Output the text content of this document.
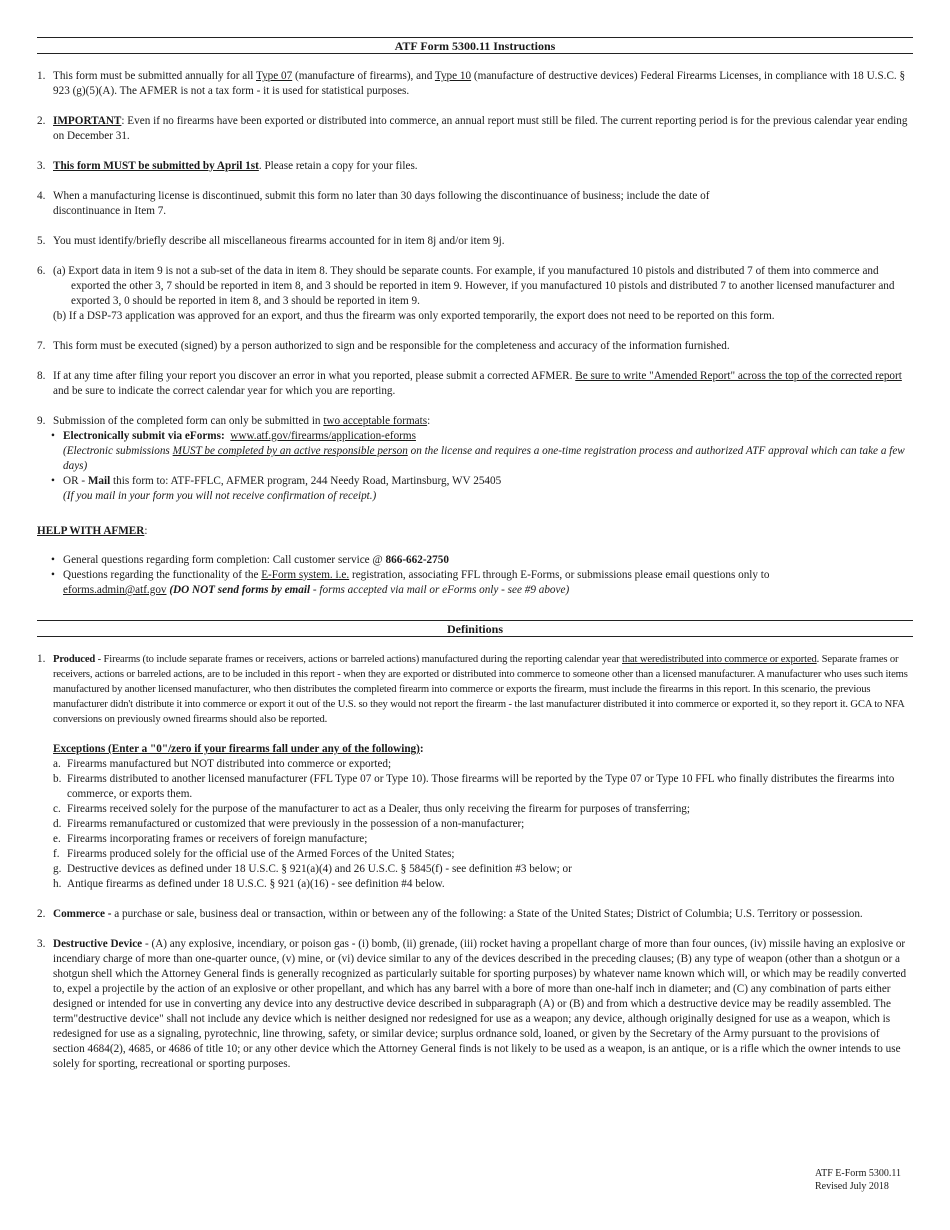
ATF Form 5300.11 Instructions
1. This form must be submitted annually for all Type 07 (manufacture of firearms), and Type 10 (manufacture of destructive devices) Federal Firearms Licenses, in compliance with 18 U.S.C. § 923 (g)(5)(A). The AFMER is not a tax form - it is used for statistical purposes.
2. IMPORTANT: Even if no firearms have been exported or distributed into commerce, an annual report must still be filed. The current reporting period is for the previous calendar year ending on December 31.
3. This form MUST be submitted by April 1st. Please retain a copy for your files.
4. When a manufacturing license is discontinued, submit this form no later than 30 days following the discontinuance of business; include the date of
discontinuance in Item 7.
5. You must identify/briefly describe all miscellaneous firearms accounted for in item 8j and/or item 9j.
6. (a) Export data in item 9 is not a sub-set of the data in item 8. They should be separate counts. For example, if you manufactured 10 pistols and distributed 7 of them into commerce and exported the other 3, 7 should be reported in item 8, and 3 should be reported in item 9. However, if you manufactured 10 pistols and distributed 7 to another licensed manufacturer and exported 3, 0 should be reported in item 8, and 3 should be reported in item 9.
(b) If a DSP-73 application was approved for an export, and thus the firearm was only exported temporarily, the export does not need to be reported on this form.
7. This form must be executed (signed) by a person authorized to sign and be responsible for the completeness and accuracy of the information furnished.
8. If at any time after filing your report you discover an error in what you reported, please submit a corrected AFMER. Be sure to write "Amended Report" across the top of the corrected report and be sure to indicate the correct calendar year for which you are reporting.
9. Submission of the completed form can only be submitted in two acceptable formats:
• Electronically submit via eForms: www.atf.gov/firearms/application-eforms
(Electronic submissions MUST be completed by an active responsible person on the license and requires a one-time registration process and authorized ATF approval which can take a few days)
• OR - Mail this form to: ATF-FFLC, AFMER program, 244 Needy Road, Martinsburg, WV 25405
(If you mail in your form you will not receive confirmation of receipt.)
HELP WITH AFMER:
• General questions regarding form completion: Call customer service @ 866-662-2750
• Questions regarding the functionality of the E-Form system. i.e. registration, associating FFL through E-Forms, or submissions please email questions only to
eforms.admin@atf.gov (DO NOT send forms by email - forms accepted via mail or eForms only - see #9 above)
Definitions
1. Produced - Firearms (to include separate frames or receivers, actions or barreled actions) manufactured during the reporting calendar year that weredistributed into commerce or exported. Separate frames or receivers, actions or barreled actions, are to be included in this report - when they are exported or distributed into commerce to someone other than a licensed manufacturer. A manufacturer who uses such items manufactured by another licensed manufacturer, who then distributes the completed firearm into commerce or exports the firearm, must include the firearms in this report. In this scenario, the previous manufacturer didn't distribute it into commerce or export it out of the U.S. so they would not report the firearm - the last manufacturer distributed it into commerce or exported it, so they report it. GCA to NFA conversions on previously owned firearms should also be reported.
Exceptions (Enter a "0"/zero if your firearms fall under any of the following):
a. Firearms manufactured but NOT distributed into commerce or exported;
b. Firearms distributed to another licensed manufacturer (FFL Type 07 or Type 10). Those firearms will be reported by the Type 07 or Type 10 FFL who finally distributes the firearms into commerce, or exports them.
c. Firearms received solely for the purpose of the manufacturer to act as a Dealer, thus only receiving the firearm for purposes of transferring;
d. Firearms remanufactured or customized that were previously in the possession of a non-manufacturer;
e. Firearms incorporating frames or receivers of foreign manufacture;
f. Firearms produced solely for the official use of the Armed Forces of the United States;
g. Destructive devices as defined under 18 U.S.C. § 921(a)(4) and 26 U.S.C. § 5845(f) - see definition #3 below; or
h. Antique firearms as defined under 18 U.S.C. § 921 (a)(16) - see definition #4 below.
2. Commerce - a purchase or sale, business deal or transaction, within or between any of the following: a State of the United States; District of Columbia; U.S. Territory or possession.
3. Destructive Device - (A) any explosive, incendiary, or poison gas - (i) bomb, (ii) grenade, (iii) rocket having a propellant charge of more than four ounces, (iv) missile having an explosive or incendiary charge of more than one-quarter ounce, (v) mine, or (vi) device similar to any of the devices described in the preceding clauses; (B) any type of weapon (other than a shotgun or a shotgun shell which the Attorney General finds is generally recognized as particularly suitable for sporting purposes) by whatever name known which will, or which may be readily converted to, expel a projectile by the action of an explosive or other propellant, and which has any barrel with a bore of more than one-half inch in diameter; and (C) any combination of parts either designed or intended for use in converting any device into any destructive device described in subparagraph (A) or (B) and from which a destructive device may be readily assembled. The term"destructive device" shall not include any device which is neither designed nor redesigned for use as a weapon; any device, although originally designed for use as a weapon, which is redesigned for use as a signaling, pyrotechnic, line throwing, safety, or similar device; surplus ordnance sold, loaned, or given by the Secretary of the Army pursuant to the provisions of section 4684(2), 4685, or 4686 of title 10; or any other device which the Attorney General finds is not likely to be used as a weapon, is an antique, or is a rifle which the owner intends to use solely for sporting, recreational or sporting purposes.
ATF E-Form 5300.11
Revised July 2018
